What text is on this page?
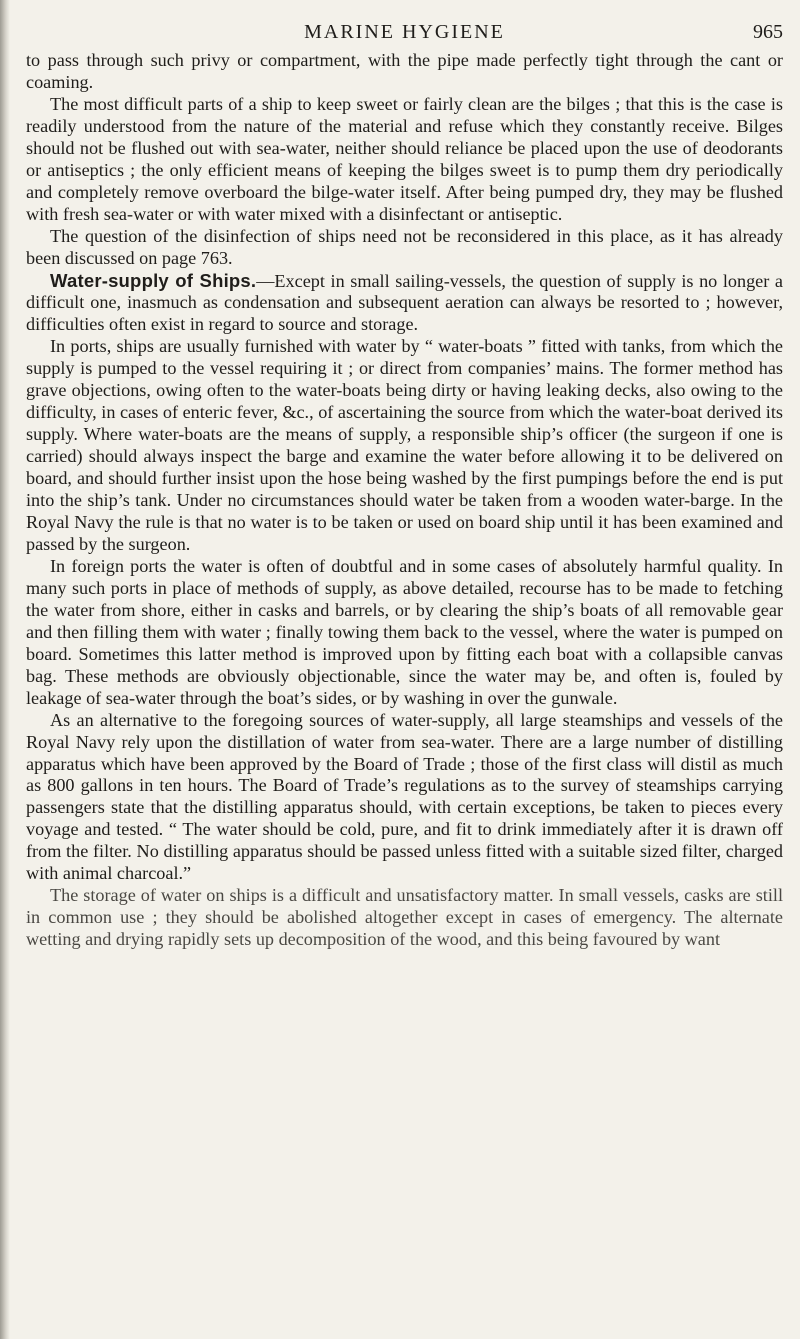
MARINE HYGIENE	965

to pass through such privy or compartment, with the pipe made perfectly tight through the cant or coaming.

The most difficult parts of a ship to keep sweet or fairly clean are the bilges ; that this is the case is readily understood from the nature of the material and refuse which they constantly receive. Bilges should not be flushed out with sea-water, neither should reliance be placed upon the use of deodorants or antiseptics ; the only efficient means of keeping the bilges sweet is to pump them dry periodically and completely remove overboard the bilge-water itself. After being pumped dry, they may be flushed with fresh sea-water or with water mixed with a disinfectant or antiseptic.

The question of the disinfection of ships need not be reconsidered in this place, as it has already been discussed on page 763.

Water-supply of Ships.—Except in small sailing-vessels, the question of supply is no longer a difficult one, inasmuch as condensation and subsequent aeration can always be resorted to ; however, difficulties often exist in regard to source and storage.

In ports, ships are usually furnished with water by “ water-boats ” fitted with tanks, from which the supply is pumped to the vessel requiring it ; or direct from companies’ mains. The former method has grave objections, owing often to the water-boats being dirty or having leaking decks, also owing to the difficulty, in cases of enteric fever, &c., of ascertaining the source from which the water-boat derived its supply. Where water-boats are the means of supply, a responsible ship’s officer (the surgeon if one is carried) should always inspect the barge and examine the water before allowing it to be delivered on board, and should further insist upon the hose being washed by the first pumpings before the end is put into the ship’s tank. Under no circumstances should water be taken from a wooden water-barge. In the Royal Navy the rule is that no water is to be taken or used on board ship until it has been examined and passed by the surgeon.

In foreign ports the water is often of doubtful and in some cases of absolutely harmful quality. In many such ports in place of methods of supply, as above detailed, recourse has to be made to fetching the water from shore, either in casks and barrels, or by clearing the ship’s boats of all removable gear and then filling them with water ; finally towing them back to the vessel, where the water is pumped on board. Sometimes this latter method is improved upon by fitting each boat with a collapsible canvas bag. These methods are obviously objectionable, since the water may be, and often is, fouled by leakage of sea-water through the boat’s sides, or by washing in over the gunwale.

As an alternative to the foregoing sources of water-supply, all large steamships and vessels of the Royal Navy rely upon the distillation of water from sea-water. There are a large number of distilling apparatus which have been approved by the Board of Trade ; those of the first class will distil as much as 800 gallons in ten hours. The Board of Trade’s regulations as to the survey of steamships carrying passengers state that the distilling apparatus should, with certain exceptions, be taken to pieces every voyage and tested. “ The water should be cold, pure, and fit to drink immediately after it is drawn off from the filter. No distilling apparatus should be passed unless fitted with a suitable sized filter, charged with animal charcoal.”

The storage of water on ships is a difficult and unsatisfactory matter. In small vessels, casks are still in common use ; they should be abolished altogether except in cases of emergency. The alternate wetting and drying rapidly sets up decomposition of the wood, and this being favoured by want
